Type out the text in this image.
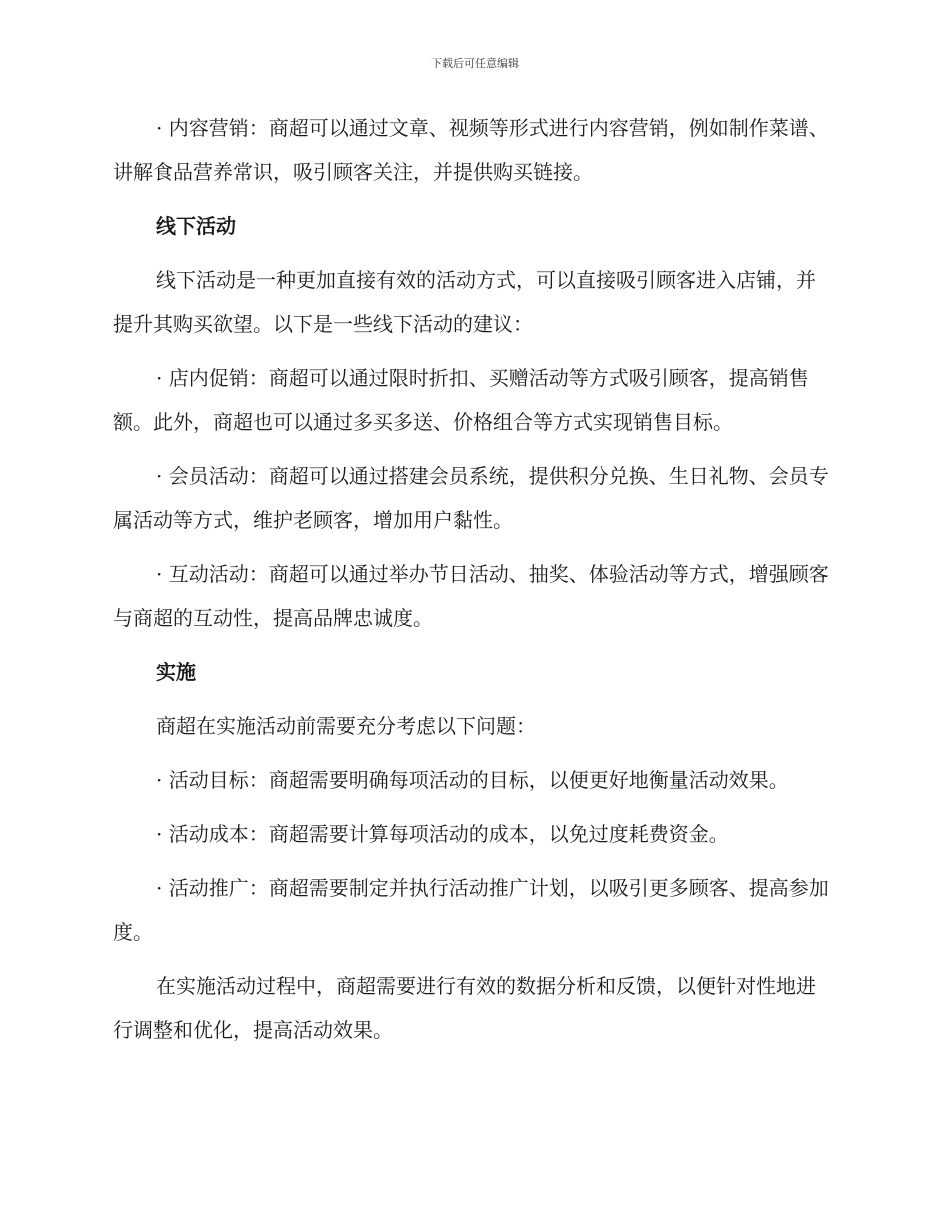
下载后可任意编辑

· 内容营销：商超可以通过文章、视频等形式进行内容营销，例如制作菜谱、讲解食品营养常识，吸引顾客关注，并提供购买链接。

线下活动

线下活动是一种更加直接有效的活动方式，可以直接吸引顾客进入店铺，并提升其购买欲望。以下是一些线下活动的建议：

· 店内促销：商超可以通过限时折扣、买赠活动等方式吸引顾客，提高销售额。此外，商超也可以通过多买多送、价格组合等方式实现销售目标。

· 会员活动：商超可以通过搭建会员系统，提供积分兑换、生日礼物、会员专属活动等方式，维护老顾客，增加用户黏性。

· 互动活动：商超可以通过举办节日活动、抽奖、体验活动等方式，增强顾客与商超的互动性，提高品牌忠诚度。

实施

商超在实施活动前需要充分考虑以下问题：

· 活动目标：商超需要明确每项活动的目标，以便更好地衡量活动效果。

· 活动成本：商超需要计算每项活动的成本，以免过度耗费资金。

· 活动推广：商超需要制定并执行活动推广计划，以吸引更多顾客、提高参加度。

在实施活动过程中，商超需要进行有效的数据分析和反馈，以便针对性地进行调整和优化，提高活动效果。
